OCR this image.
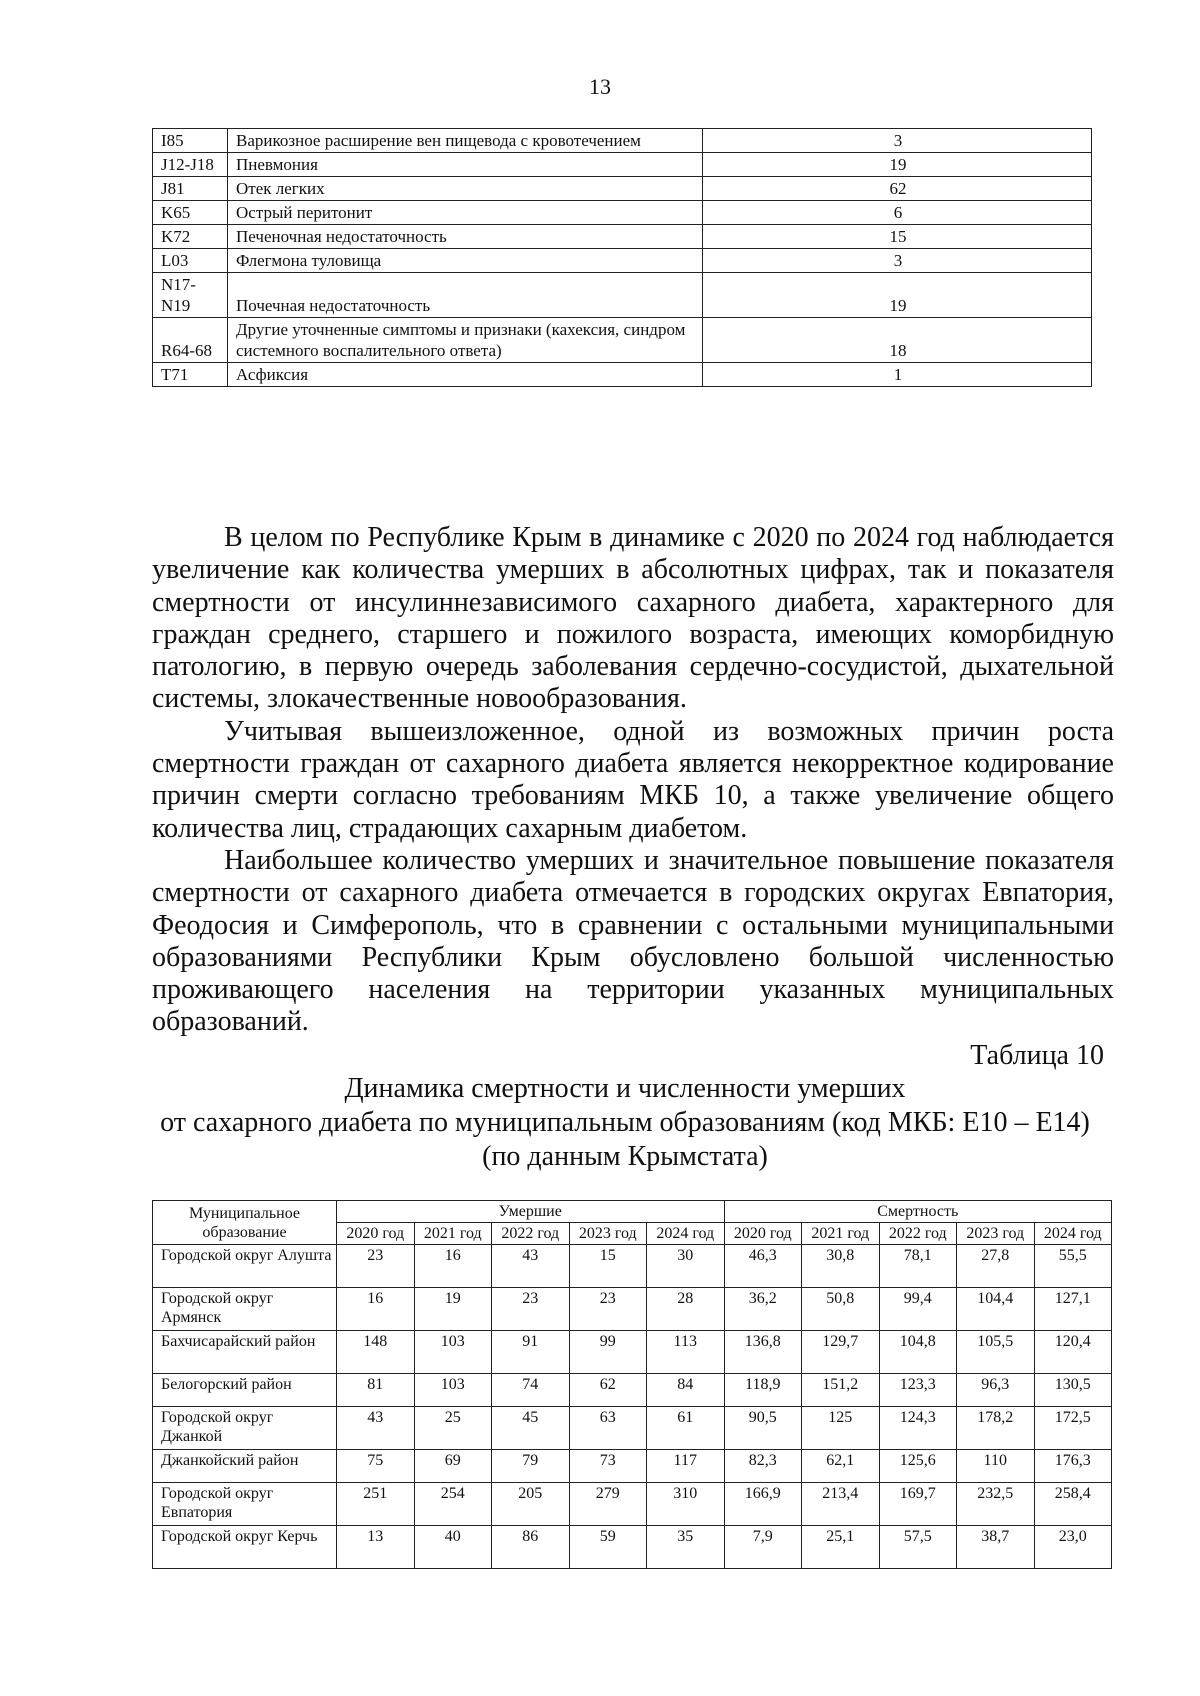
13
I85	Варикозное расширение вен пищевода с кровотечением	3
J12-J18	Пневмония	19
J81	Отек легких	62
K65	Острый перитонит	6
K72	Печеночная недостаточность	15
L03	Флегмона туловища	3
N17-N19	Почечная недостаточность	19
R64-68	Другие уточненные симптомы и признаки (кахексия, синдром системного воспалительного ответа)	18
T71	Асфиксия	1

В целом по Республике Крым в динамике с 2020 по 2024 год наблюдается увеличение как количества умерших в абсолютных цифрах, так и показателя смертности от инсулиннезависимого сахарного диабета, характерного для граждан среднего, старшего и пожилого возраста, имеющих коморбидную патологию, в первую очередь заболевания сердечно-сосудистой, дыхательной системы, злокачественные новообразования.

Учитывая вышеизложенное, одной из возможных причин роста смертности граждан от сахарного диабета является некорректное кодирование причин смерти согласно требованиям МКБ 10, а также увеличение общего количества лиц, страдающих сахарным диабетом.

Наибольшее количество умерших и значительное повышение показателя смертности от сахарного диабета отмечается в городских округах Евпатория, Феодосия и Симферополь, что в сравнении с остальными муниципальными образованиями Республики Крым обусловлено большой численностью проживающего населения на территории указанных муниципальных образований.

Таблица 10
Динамика смертности и численности умерших
от сахарного диабета по муниципальным образованиям (код МКБ: Е10 – Е14)
(по данным Крымстата)
Муниципальное образование	Умершие					Смертность				
	2020 год	2021 год	2022 год	2023 год	2024 год	2020 год	2021 год	2022 год	2023 год	2024 год
Городской округ Алушта	23	16	43	15	30	46,3	30,8	78,1	27,8	55,5
Городской округ Армянск	16	19	23	23	28	36,2	50,8	99,4	104,4	127,1
Бахчисарайский район	148	103	91	99	113	136,8	129,7	104,8	105,5	120,4
Белогорский район	81	103	74	62	84	118,9	151,2	123,3	96,3	130,5
Городской округ Джанкой	43	25	45	63	61	90,5	125	124,3	178,2	172,5
Джанкойский район	75	69	79	73	117	82,3	62,1	125,6	110	176,3
Городской округ Евпатория	251	254	205	279	310	166,9	213,4	169,7	232,5	258,4
Городской округ Керчь	13	40	86	59	35	7,9	25,1	57,5	38,7	23,0
